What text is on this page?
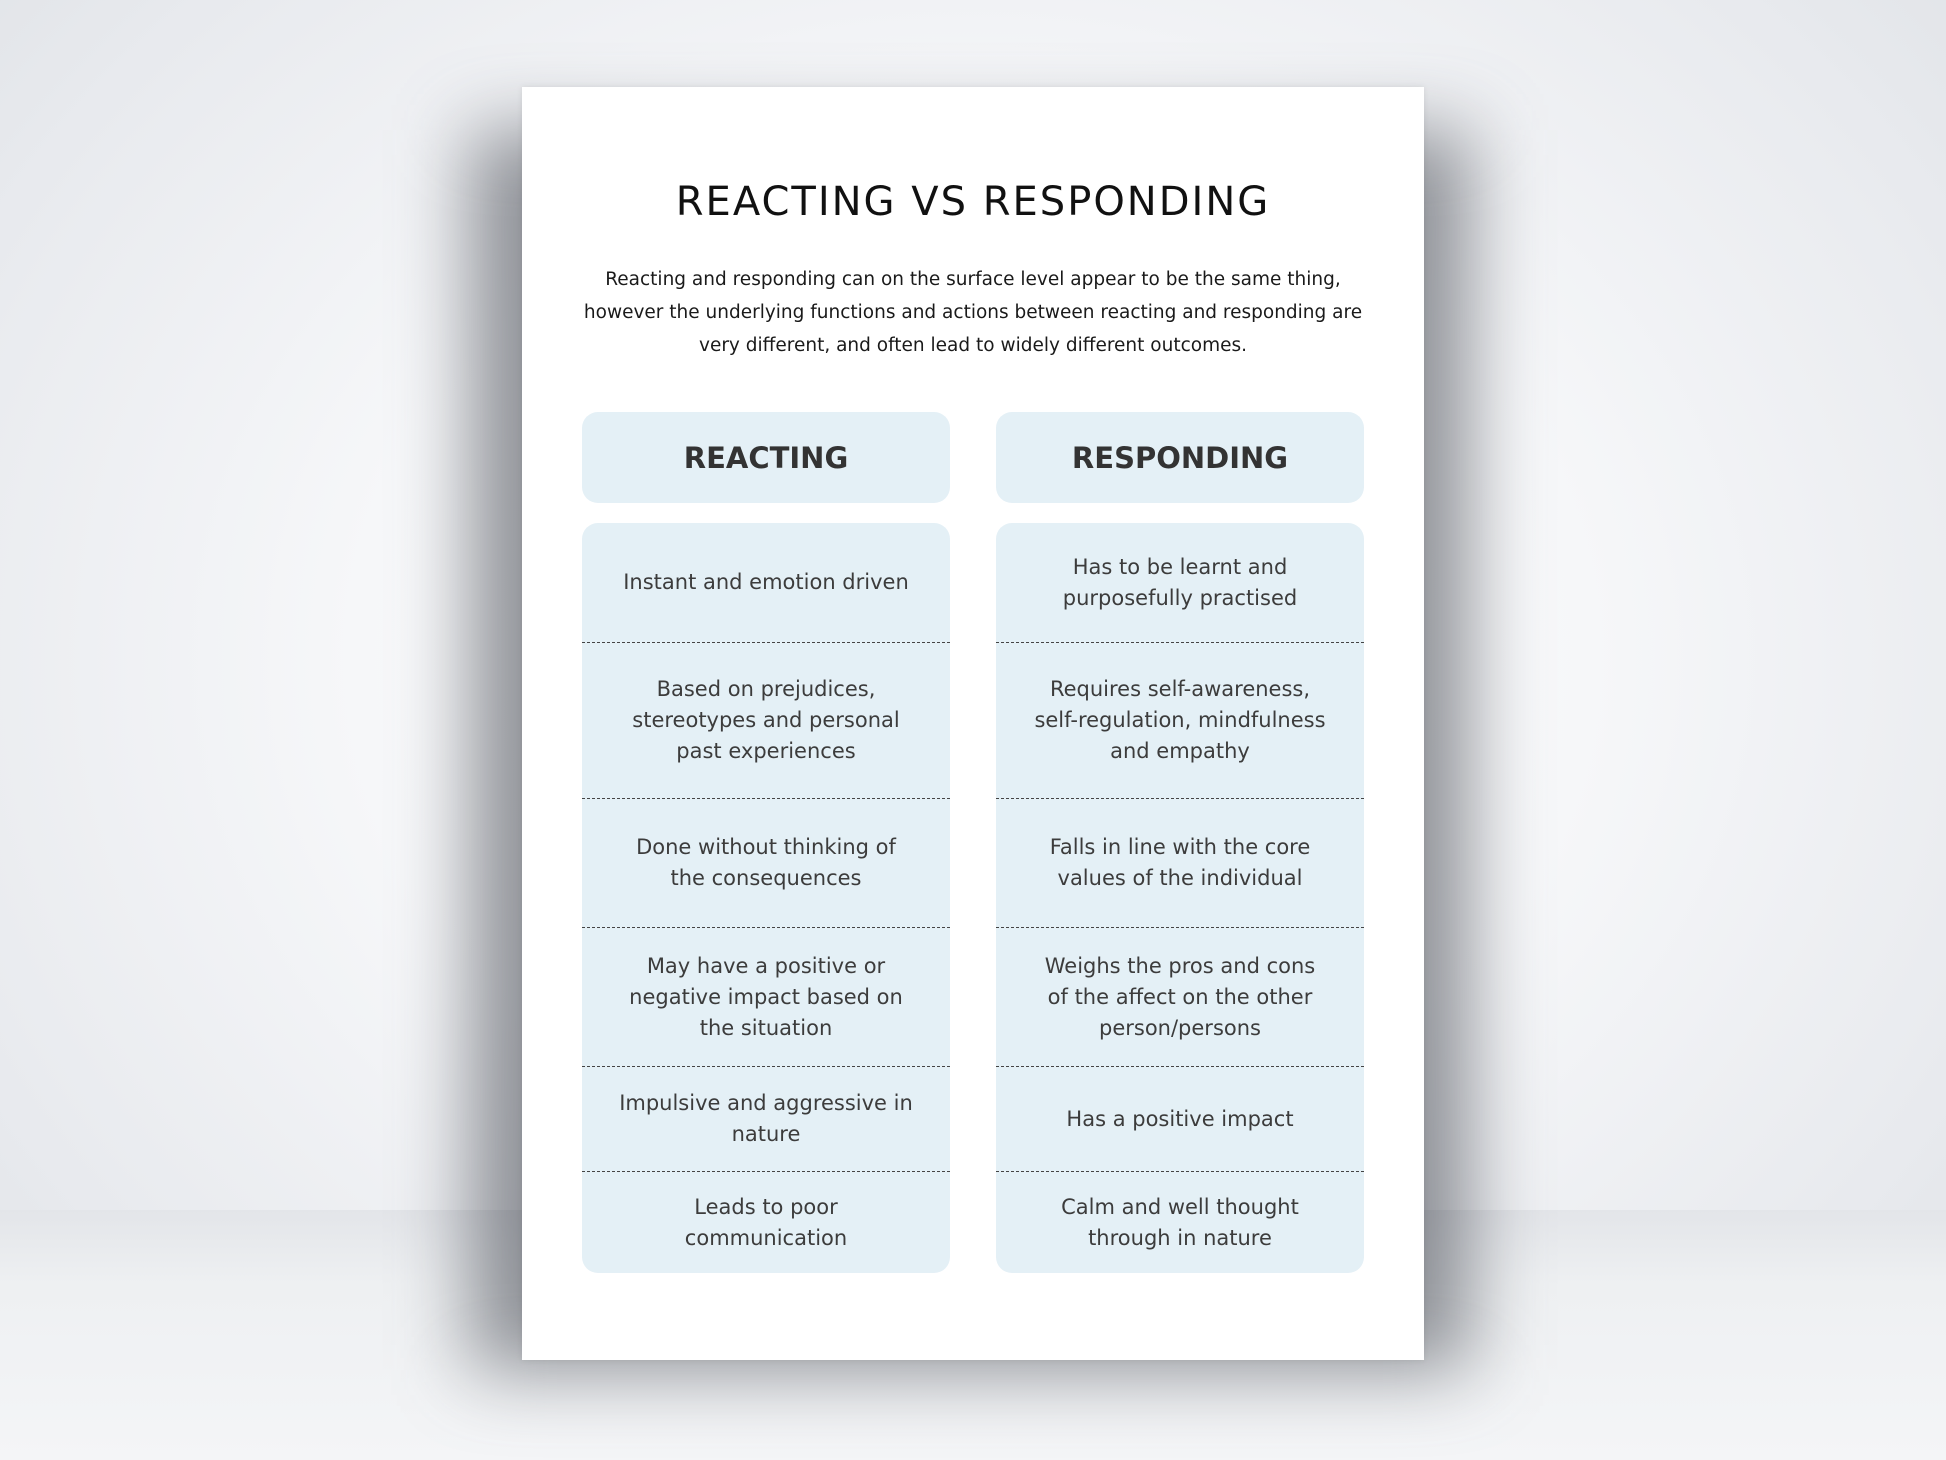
REACTING VS RESPONDING
Reacting and responding can on the surface level appear to be the same thing, however the underlying functions and actions between reacting and responding are very different, and often lead to widely different outcomes.
REACTING	RESPONDING
Instant and emotion driven
Based on prejudices, stereotypes and personal past experiences
Done without thinking of the consequences
May have a positive or negative impact based on the situation
Impulsive and aggressive in nature
Leads to poor communication
Has to be learnt and purposefully practised
Requires self-awareness, self-regulation, mindfulness and empathy
Falls in line with the core values of the individual
Weighs the pros and cons of the affect on the other person/persons
Has a positive impact
Calm and well thought through in nature
